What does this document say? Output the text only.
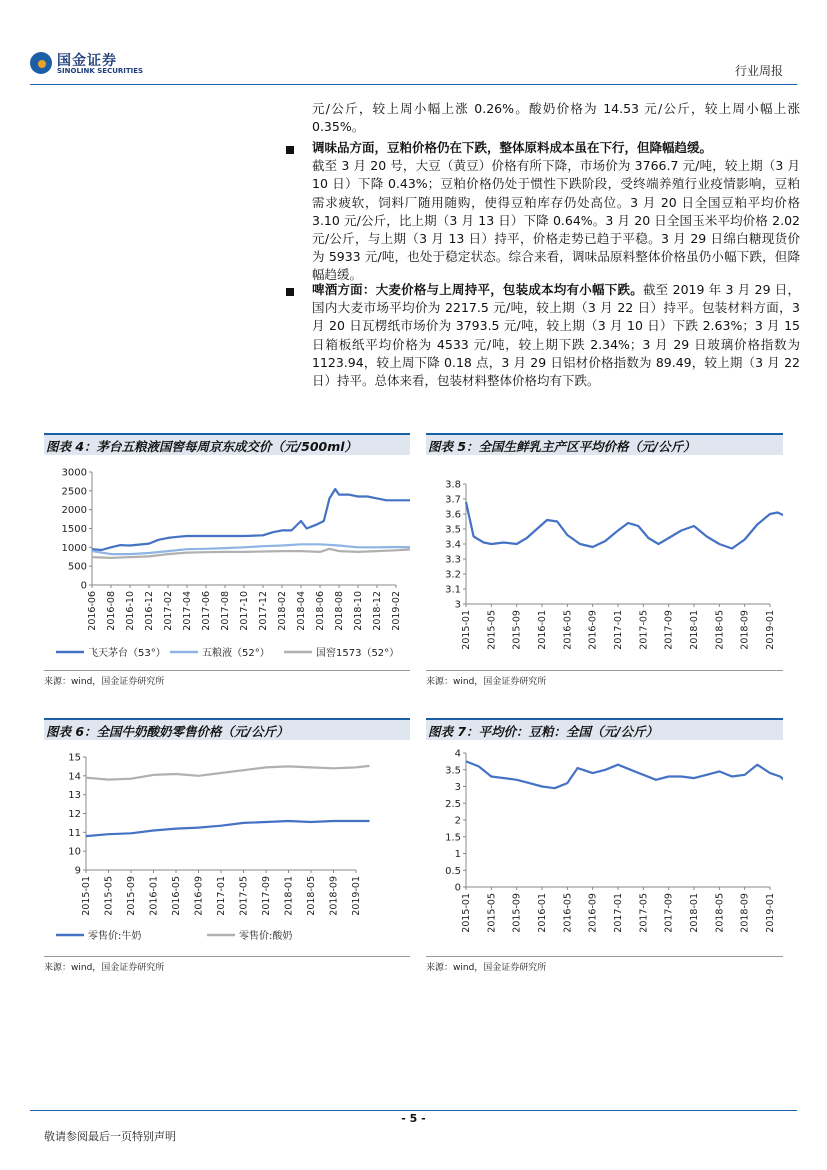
国金证券
SINOLINK SECURITIES	行业周报
元/公斤，较上周小幅上涨 0.26%。酸奶价格为 14.53 元/公斤，较上周小幅上涨 0.35%。
调味品方面，豆粕价格仍在下跌，整体原料成本虽在下行，但降幅趋缓。
截至 3 月 20 号，大豆（黄豆）价格有所下降，市场价为 3766.7 元/吨，较上期（3 月 10 日）下降 0.43%；豆粕价格仍处于惯性下跌阶段，受终端养殖行业疫情影响，豆粕需求疲软，饲料厂随用随购，使得豆粕库存仍处高位。3 月 20 日全国豆粕平均价格 3.10 元/公斤，比上期（3 月 13 日）下降 0.64%。3 月 20 日全国玉米平均价格 2.02 元/公斤，与上期（3 月 13 日）持平，价格走势已趋于平稳。3 月 29 日绵白糖现货价为 5933 元/吨，也处于稳定状态。综合来看，调味品原料整体价格虽仍小幅下跌，但降幅趋缓。
啤酒方面：大麦价格与上周持平，包装成本均有小幅下跌。截至 2019 年 3 月 29 日，国内大麦市场平均价为 2217.5 元/吨，较上期（3 月 22 日）持平。包装材料方面，3 月 20 日瓦楞纸市场价为 3793.5 元/吨，较上期（3 月 10 日）下跌 2.63%；3 月 15 日箱板纸平均价格为 4533 元/吨，较上期下跌 2.34%；3 月 29 日玻璃价格指数为 1123.94，较上周下降 0.18 点，3 月 29 日铝材价格指数为 89.49，较上期（3 月 22 日）持平。总体来看，包装材料整体价格均有下跌。
图表 4：茅台五粮液国窖每周京东成交价（元/500ml）
0
500
1000
1500
2000
2500
3000
2016-06 2016-08 2016-10 2016-12 2017-02 2017-04 2017-06 2017-08 2017-10 2017-12 2018-02 2018-04 2018-06 2018-08 2018-10 2018-12 2019-02
飞天茅台（53°）	五粮液（52°）	国窖1573（52°）
来源：wind，国金证券研究所
图表 5：全国生鲜乳主产区平均价格（元/公斤）
3
3.1
3.2
3.3
3.4
3.5
3.6
3.7
3.8
2015-01 2015-05 2015-09 2016-01 2016-05 2016-09 2017-01 2017-05 2017-09 2018-01 2018-05 2018-09 2019-01
来源：wind，国金证券研究所
图表 6：全国牛奶酸奶零售价格（元/公斤）
9
10
11
12
13
14
15
2015-01 2015-05 2015-09 2016-01 2016-05 2016-09 2017-01 2017-05 2017-09 2018-01 2018-05 2018-09 2019-01
零售价:牛奶	零售价:酸奶
来源：wind，国金证券研究所
图表 7：平均价：豆粕：全国（元/公斤）
0
0.5
1
1.5
2
2.5
3
3.5
4
2015-01 2015-05 2015-09 2016-01 2016-05 2016-09 2017-01 2017-05 2017-09 2018-01 2018-05 2018-09 2019-01
来源：wind，国金证券研究所
- 5 -
敬请参阅最后一页特别声明
